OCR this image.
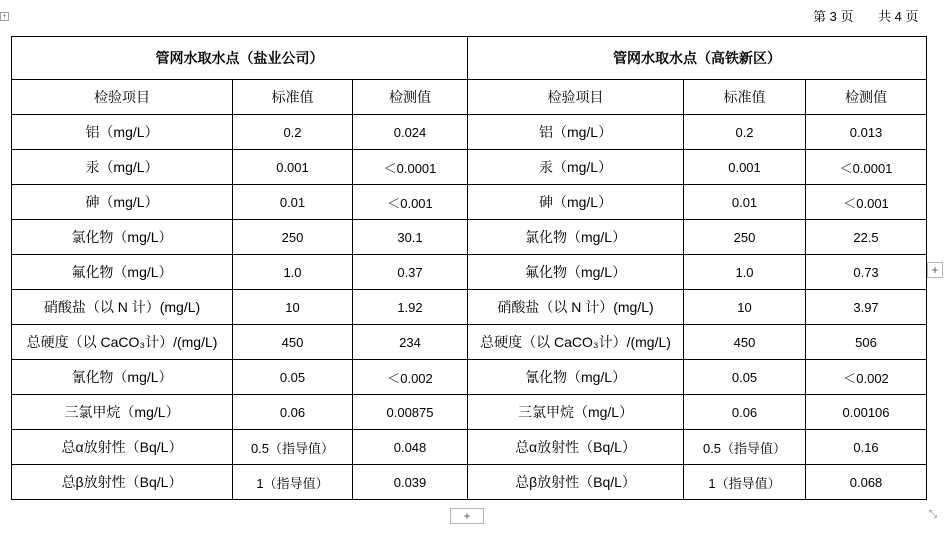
+	第 3 页 共 4 页
管网水取水点（盐业公司）			管网水取水点（高铁新区）		
检验项目	标准值	检测值	检验项目	标准值	检测值
铝（mg/L）	0.2	0.024	铝（mg/L）	0.2	0.013
汞（mg/L）	0.001	＜0.0001	汞（mg/L）	0.001	＜0.0001
砷（mg/L）	0.01	＜0.001	砷（mg/L）	0.01	＜0.001
氯化物（mg/L）	250	30.1	氯化物（mg/L）	250	22.5
氟化物（mg/L）	1.0	0.37	氟化物（mg/L）	1.0	0.73
硝酸盐（以 N 计）(mg/L)	10	1.92	硝酸盐（以 N 计）(mg/L)	10	3.97
总硬度（以 CaCO₃计）/(mg/L)	450	234	总硬度（以 CaCO₃计）/(mg/L)	450	506
氰化物（mg/L）	0.05	＜0.002	氰化物（mg/L）	0.05	＜0.002
三氯甲烷（mg/L）	0.06	0.00875	三氯甲烷（mg/L）	0.06	0.00106
总α放射性（Bq/L）	0.5（指导值）	0.048	总α放射性（Bq/L）	0.5（指导值）	0.16
总β放射性（Bq/L）	1（指导值）	0.039	总β放射性（Bq/L）	1（指导值）	0.068
+
+	⤡
